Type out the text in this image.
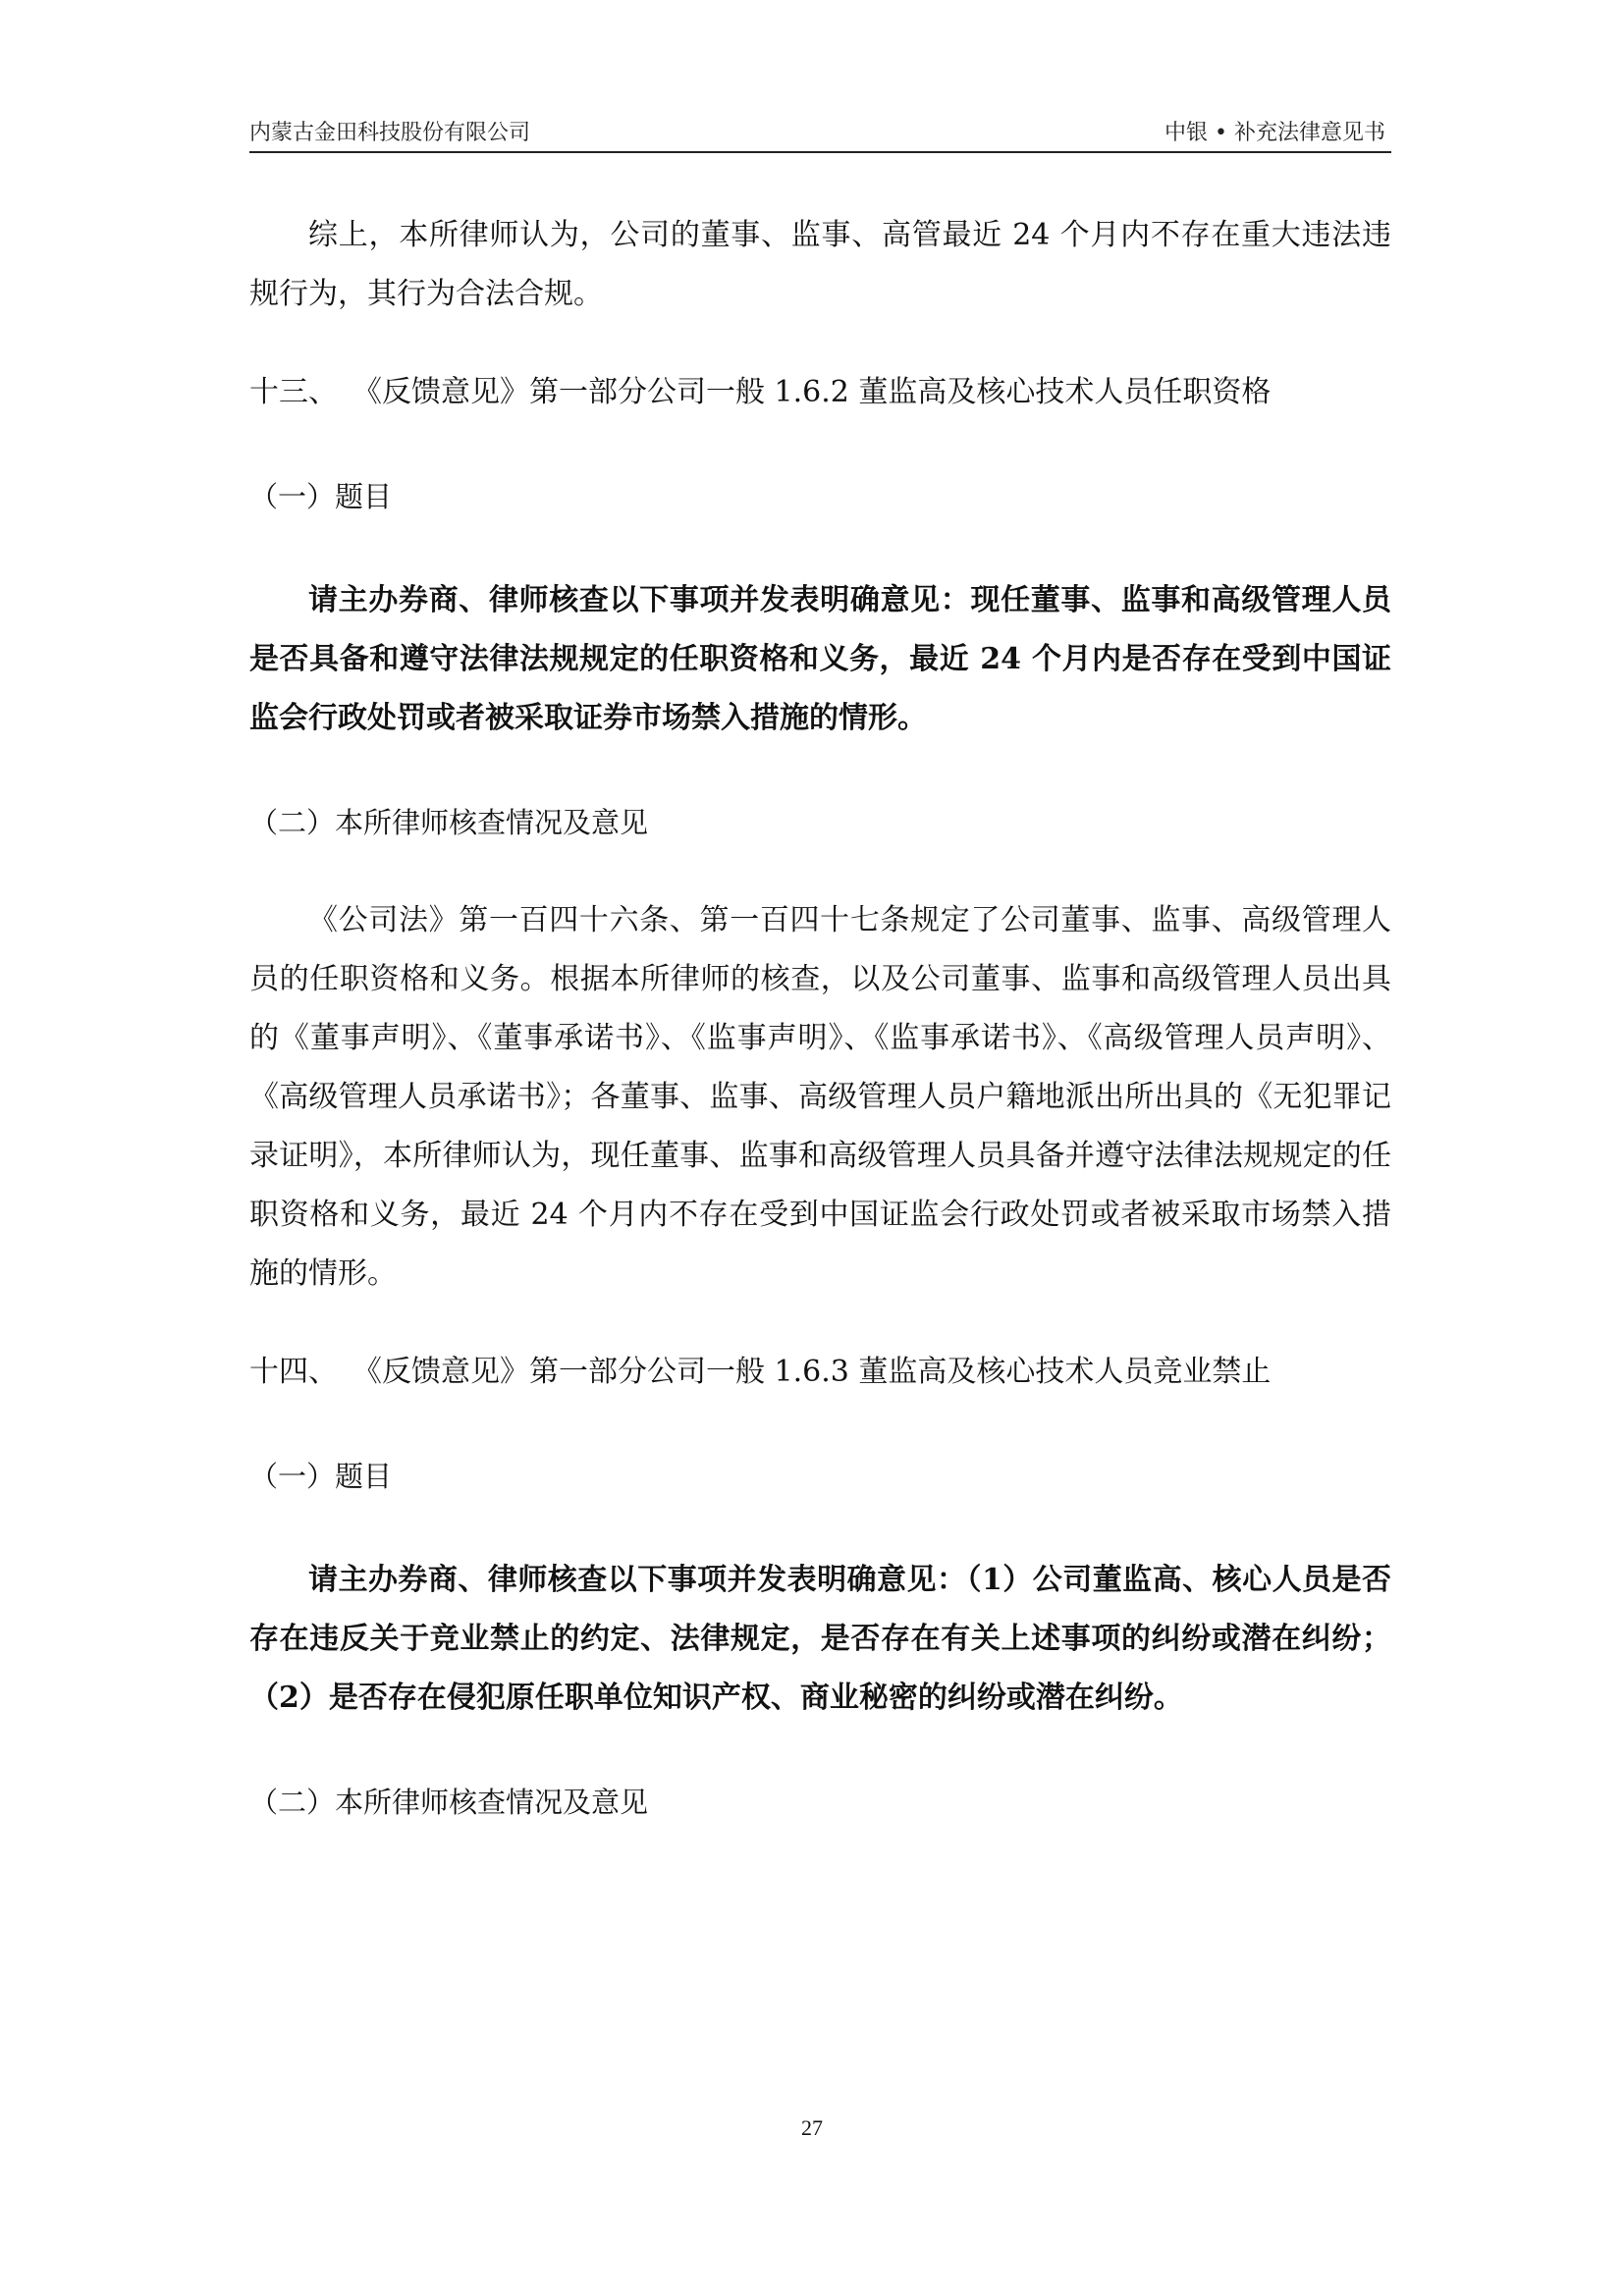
内蒙古金田科技股份有限公司	中银 • 补充法律意见书

综上，本所律师认为，公司的董事、监事、高管最近 24 个月内不存在重大违法违规行为，其行为合法合规。

十三、 《反馈意见》第一部分公司一般 1.6.2 董监高及核心技术人员任职资格

（一）题目

请主办券商、律师核查以下事项并发表明确意见：现任董事、监事和高级管理人员是否具备和遵守法律法规规定的任职资格和义务，最近 24 个月内是否存在受到中国证监会行政处罚或者被采取证券市场禁入措施的情形。

（二）本所律师核查情况及意见

《公司法》第一百四十六条、第一百四十七条规定了公司董事、监事、高级管理人员的任职资格和义务。根据本所律师的核查，以及公司董事、监事和高级管理人员出具的《董事声明》、《董事承诺书》、《监事声明》、《监事承诺书》、《高级管理人员声明》、《高级管理人员承诺书》；各董事、监事、高级管理人员户籍地派出所出具的《无犯罪记录证明》，本所律师认为，现任董事、监事和高级管理人员具备并遵守法律法规规定的任职资格和义务，最近 24 个月内不存在受到中国证监会行政处罚或者被采取市场禁入措施的情形。

十四、 《反馈意见》第一部分公司一般 1.6.3 董监高及核心技术人员竞业禁止

（一）题目

请主办券商、律师核查以下事项并发表明确意见：（1）公司董监高、核心人员是否存在违反关于竞业禁止的约定、法律规定，是否存在有关上述事项的纠纷或潜在纠纷；（2）是否存在侵犯原任职单位知识产权、商业秘密的纠纷或潜在纠纷。

（二）本所律师核查情况及意见

27
